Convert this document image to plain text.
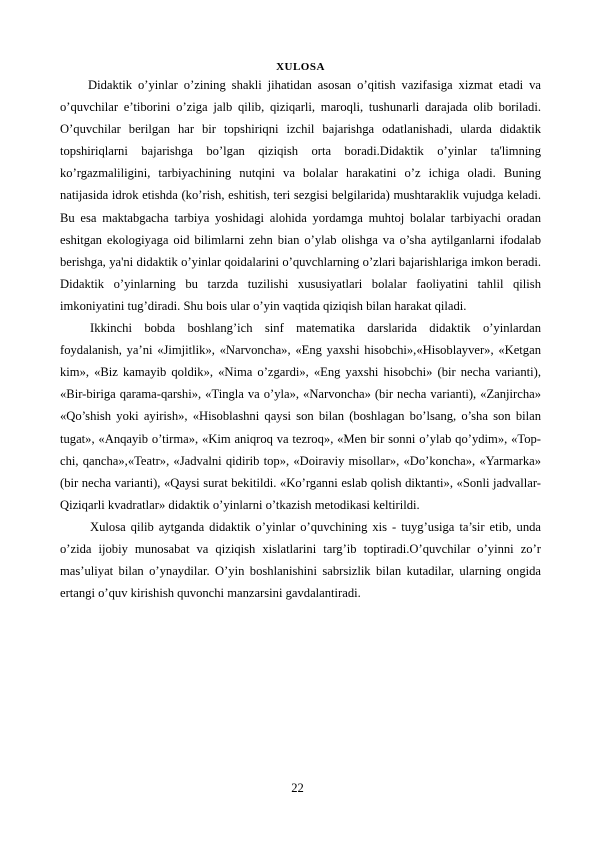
XULOSA

Didaktik o’yinlar o’zining shakli jihatidan asosan o’qitish vazifasiga xizmat etadi va o’quvchilar e’tiborini o’ziga jalb qilib, qiziqarli, maroqli, tushunarli darajada olib boriladi. O’quvchilar berilgan har bir topshiriqni izchil bajarishga odatlanishadi, ularda didaktik topshiriqlarni bajarishga bo’lgan qiziqish orta boradi.Didaktik o’yinlar ta'limning ko’rgazmaliligini, tarbiyachining nutqini va bolalar harakatini o’z ichiga oladi. Buning natijasida idrok etishda (ko’rish, eshitish, teri sezgisi belgilarida) mushtaraklik vujudga keladi. Bu esa maktabgacha tarbiya yoshidagi alohida yordamga muhtoj bolalar tarbiyachi oradan eshitgan ekologiyaga oid bilimlarni zehn bian o’ylab olishga va o’sha aytilganlarni ifodalab berishga, ya'ni didaktik o’yinlar qoidalarini o’quvchlarning o’zlari bajarishlariga imkon beradi. Didaktik o’yinlarning bu tarzda tuzilishi xususiyatlari bolalar faoliyatini tahlil qilish imkoniyatini tug’diradi. Shu bois ular o’yin vaqtida qiziqish bilan harakat qiladi.

Ikkinchi bobda boshlang’ich sinf matematika darslarida didaktik o’yinlardan foydalanish, ya’ni «Jimjitlik», «Narvoncha», «Eng yaxshi hisobchi»,«Hisoblayver», «Ketgan kim», «Biz kamayib qoldik», «Nima o’zgardi», «Eng yaxshi hisobchi» (bir necha varianti), «Bir-biriga qarama-qarshi», «Tingla va o’yla», «Narvoncha» (bir necha varianti), «Zanjircha» «Qo’shish yoki ayirish», «Hisoblashni qaysi son bilan (boshlagan bo’lsang, o’sha son bilan tugat», «Anqayib o’tirma», «Kim aniqroq va tezroq», «Men bir sonni o’ylab qo’ydim», «Top-chi, qancha»,«Teatr», «Jadvalni qidirib top», «Doiraviy misollar», «Do’koncha», «Yarmarka» (bir necha varianti), «Qaysi surat bekitildi. «Ko’rganni eslab qolish diktanti», «Sonli jadvallar- Qiziqarli kvadratlar» didaktik o’yinlarni o’tkazish metodikasi keltirildi.

Xulosa qilib aytganda didaktik o’yinlar o’quvchining xis - tuyg’usiga ta’sir etib, unda o’zida ijobiy munosabat va qiziqish xislatlarini targ’ib toptiradi.O’quvchilar o’yinni zo’r mas’uliyat bilan o’ynaydilar. O’yin boshlanishini sabrsizlik bilan kutadilar, ularning ongida ertangi o’quv kirishish quvonchi manzarsini gavdalantiradi.

22
